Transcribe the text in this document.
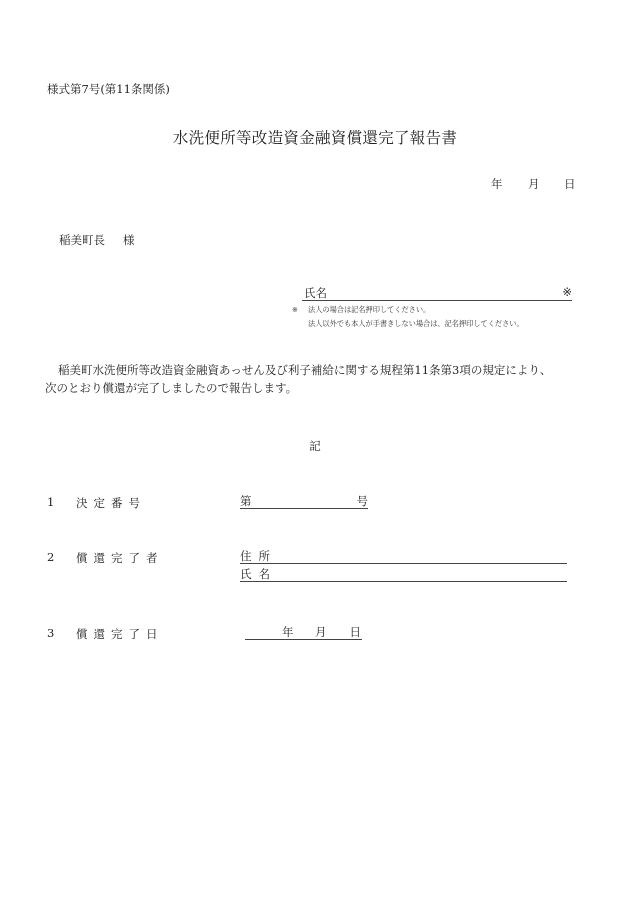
様式第7号(第11条関係)
水洗便所等改造資金融資償還完了報告書
年 月 日
稲美町長 様
氏名	※
※ 法人の場合は記名押印してください。
法人以外でも本人が手書きしない場合は、記名押印してください。
稲美町水洗便所等改造資金融資あっせん及び利子補給に関する規程第11条第3項の規定により、
次のとおり償還が完了しましたので報告します。
記
1 決定番号	第	号
2 償還完了者	住所
氏名
3 償還完了日	年 月 日
